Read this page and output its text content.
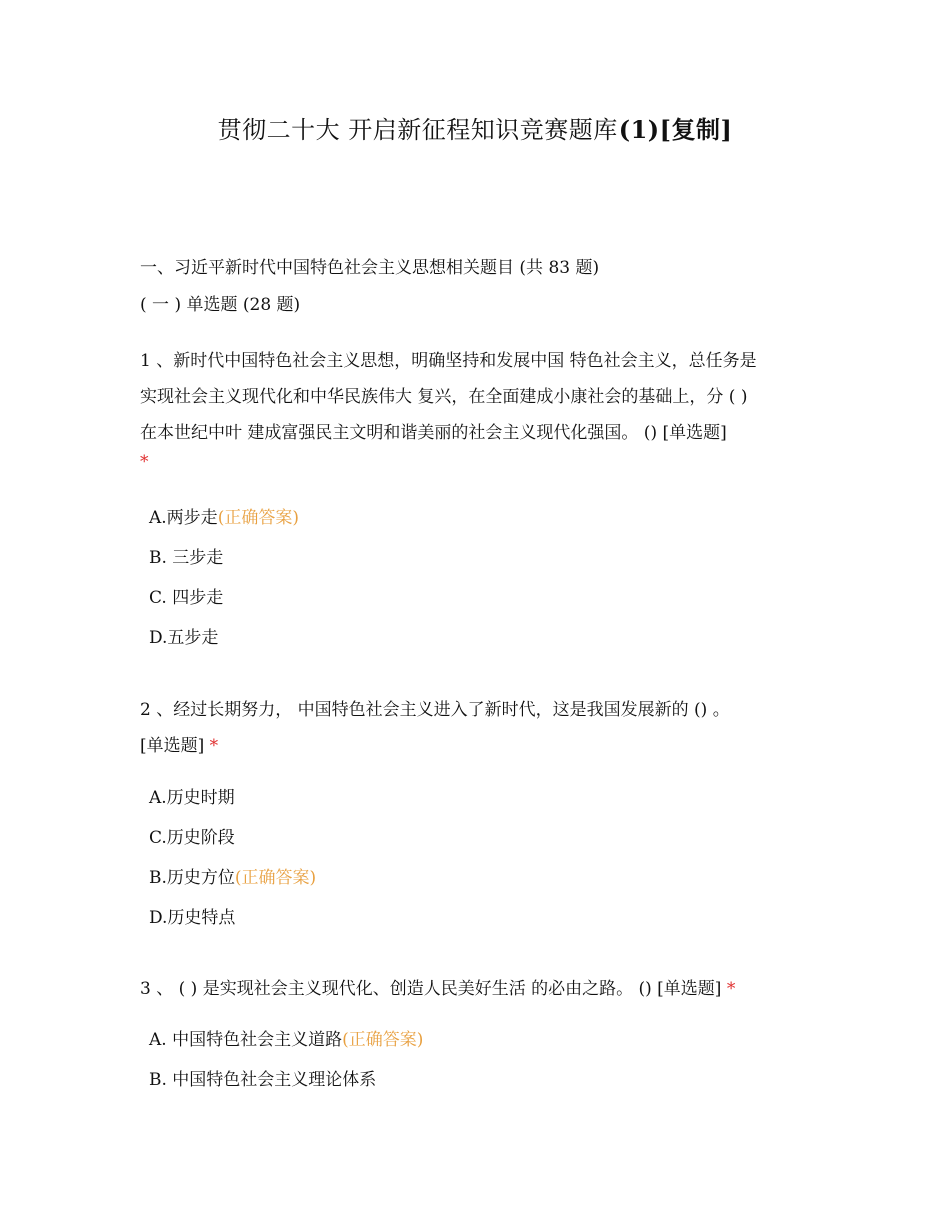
贯彻二十大 开启新征程知识竞赛题库(1)[复制]
一、习近平新时代中国特色社会主义思想相关题目 (共 83 题)
( 一 ) 单选题 (28 题)
1 、新时代中国特色社会主义思想，明确坚持和发展中国 特色社会主义，总任务是
实现社会主义现代化和中华民族伟大 复兴，在全面建成小康社会的基础上，分 ( )
在本世纪中叶 建成富强民主文明和谐美丽的社会主义现代化强国。 () [单选题]
*
A.两步走(正确答案)
B. 三步走
C. 四步走
D.五步走
2 、经过长期努力， 中国特色社会主义进入了新时代，这是我国发展新的 () 。
[单选题] *
A.历史时期
C.历史阶段
B.历史方位(正确答案)
D.历史特点
3 、 ( ) 是实现社会主义现代化、创造人民美好生活 的必由之路。 () [单选题] *
A. 中国特色社会主义道路(正确答案)
B. 中国特色社会主义理论体系
